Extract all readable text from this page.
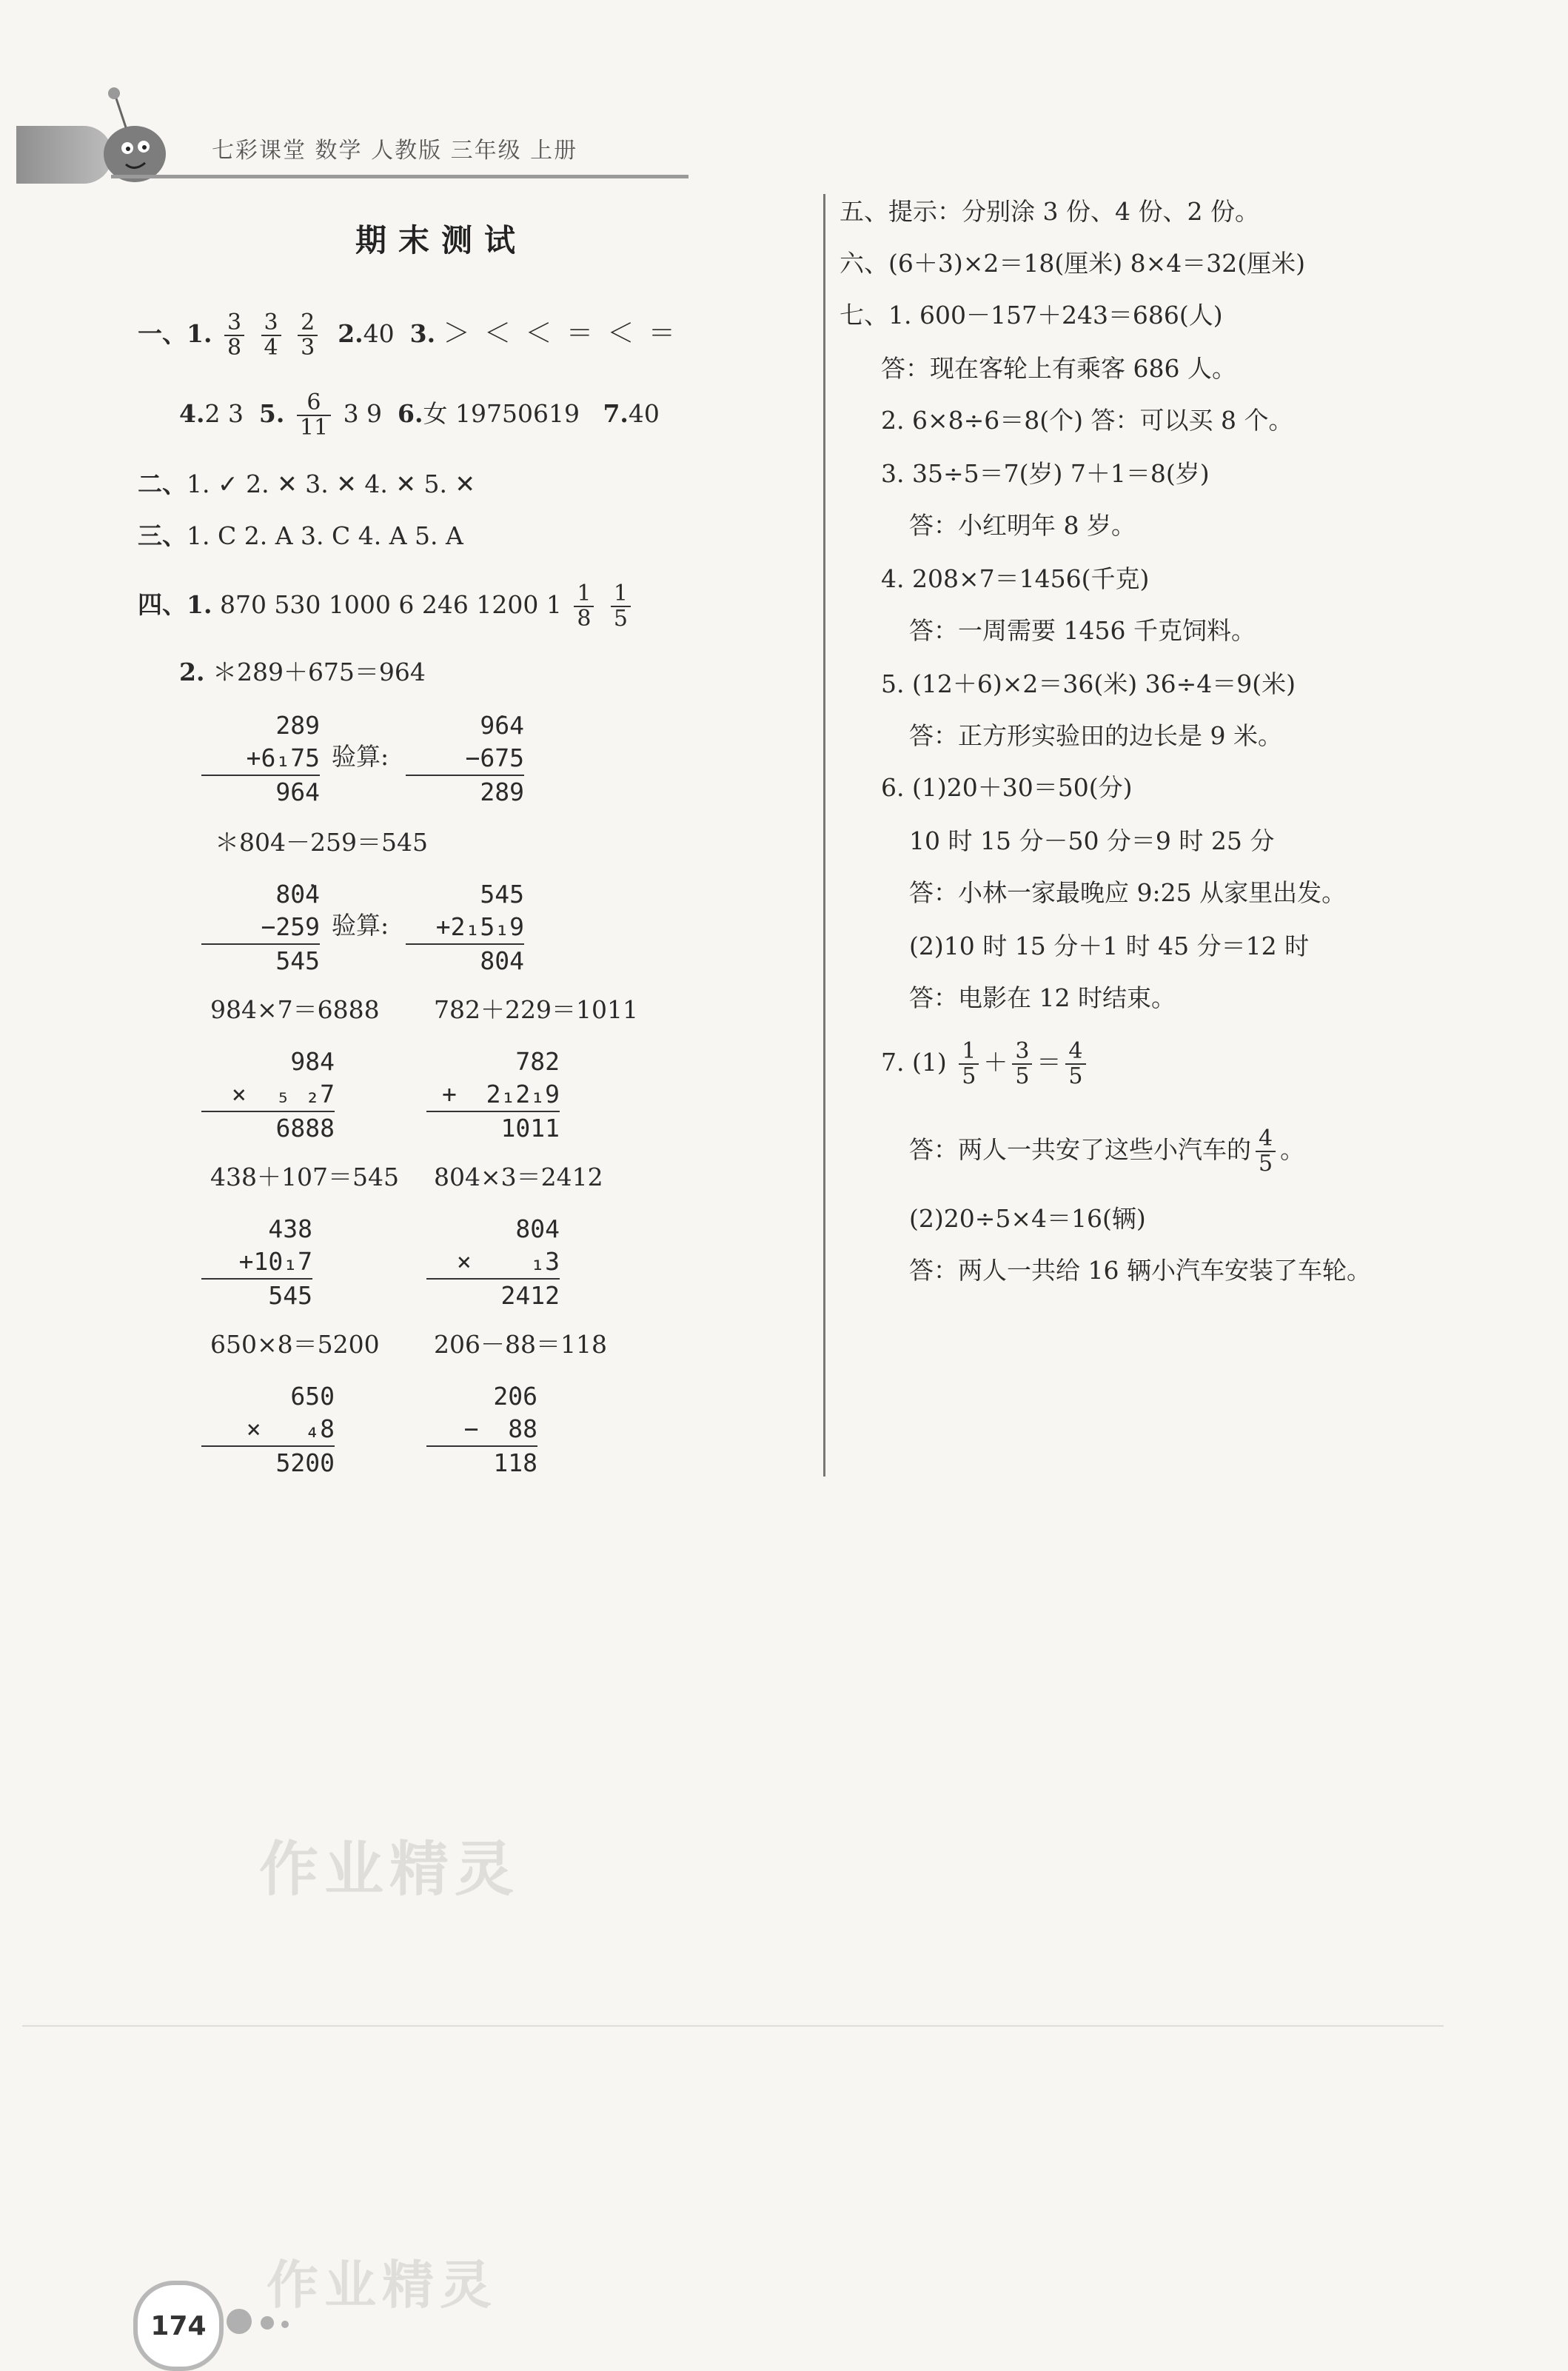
七彩课堂 数学 人教版 三年级 上册
期末测试
一、1. $\frac{3}{8}$
$\frac{3}{4}$
$\frac{2}{3} 2.40$ 3. ＞ ＜ ＜ ＝ ＜ ＝
4.2 3 5. $\frac{6}{11} 3$ 9 6.女 19750619 7.40
二、1. ✓ 2. ✕ 3. ✕ 4. ✕ 5. ✕
三、1. C 2. A 3. C 4. A 5. A
四、1. 870 530 1000 6 246 1200 $1 \frac{1}{8}$
$\frac{1}{5}$
2. ＊289＋675＝964
289
+6₁75
964
验算:
9̇64
−675
289
＊804－259＝545
8̇0̇4
−259
545
验算:
545
+2₁5₁9
804
984×7＝6888 782＋229＝1011
984
×  ₅ ₂7
6888
782
+  2₁2₁9
1011
438＋107＝545 804×3＝2412
438
+10₁7
545
804
×    ₁3
2412
650×8＝5200 206－88＝118
650
×   ₄8
5200
2̇06
−  88
118
五、提示：分别涂 3 份、4 份、2 份。
六、(6＋3)×2＝18(厘米) 8×4＝32(厘米)
七、1. 600－157＋243＝686(人)
答：现在客轮上有乘客 686 人。
2. 6×8÷6＝8(个) 答：可以买 8 个。
3. 35÷5＝7(岁) 7＋1＝8(岁)
答：小红明年 8 岁。
4. 208×7＝1456(千克)
答：一周需要 1456 千克饲料。
5. (12＋6)×2＝36(米) 36÷4＝9(米)
答：正方形实验田的边长是 9 米。
6. (1)20＋30＝50(分)
10 时 15 分－50 分＝9 时 25 分
答：小林一家最晚应 9:25 从家里出发。
(2)10 时 15 分＋1 时 45 分＝12 时
答：电影在 12 时结束。
7. $(1) \frac{1}{5} + \frac{3}{5} = \frac{4}{5}$
答：两人一共安了这些小汽车的 $\frac{4}{5}$ 。
(2)20÷5×4＝16(辆)
答：两人一共给 16 辆小汽车安装了车轮。
作业精灵
174
作业精灵
